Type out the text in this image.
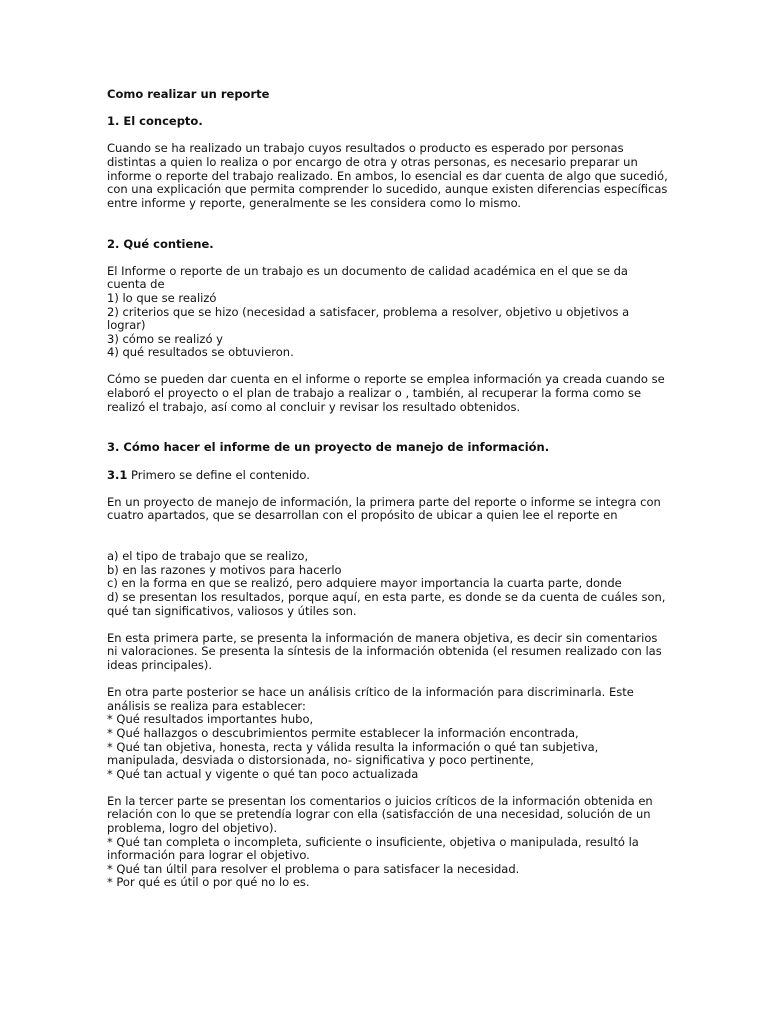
Como realizar un reporte
1. El concepto.
Cuando se ha realizado un trabajo cuyos resultados o producto es esperado por personas
distintas a quien lo realiza o por encargo de otra y otras personas, es necesario preparar un
informe o reporte del trabajo realizado. En ambos, lo esencial es dar cuenta de algo que sucedió,
con una explicación que permita comprender lo sucedido, aunque existen diferencias específicas
entre informe y reporte, generalmente se les considera como lo mismo.
2. Qué contiene.
El Informe o reporte de un trabajo es un documento de calidad académica en el que se da
cuenta de
1) lo que se realizó
2) criterios que se hizo (necesidad a satisfacer, problema a resolver, objetivo u objetivos a
lograr)
3) cómo se realizó y
4) qué resultados se obtuvieron.
Cómo se pueden dar cuenta en el informe o reporte se emplea información ya creada cuando se
elaboró el proyecto o el plan de trabajo a realizar o , también, al recuperar la forma como se
realizó el trabajo, así como al concluir y revisar los resultado obtenidos.
3. Cómo hacer el informe de un proyecto de manejo de información.
3.1 Primero se define el contenido.
En un proyecto de manejo de información, la primera parte del reporte o informe se integra con
cuatro apartados, que se desarrollan con el propósito de ubicar a quien lee el reporte en
a) el tipo de trabajo que se realizo,
b) en las razones y motivos para hacerlo
c) en la forma en que se realizó, pero adquiere mayor importancia la cuarta parte, donde
d) se presentan los resultados, porque aquí, en esta parte, es donde se da cuenta de cuáles son,
qué tan significativos, valiosos y útiles son.
En esta primera parte, se presenta la información de manera objetiva, es decir sin comentarios
ni valoraciones. Se presenta la síntesis de la información obtenida (el resumen realizado con las
ideas principales).
En otra parte posterior se hace un análisis crítico de la información para discriminarla. Este
análisis se realiza para establecer:
* Qué resultados importantes hubo,
* Qué hallazgos o descubrimientos permite establecer la información encontrada,
* Qué tan objetiva, honesta, recta y válida resulta la información o qué tan subjetiva,
manipulada, desviada o distorsionada, no- significativa y poco pertinente,
* Qué tan actual y vigente o qué tan poco actualizada
En la tercer parte se presentan los comentarios o juicios críticos de la información obtenida en
relación con lo que se pretendía lograr con ella (satisfacción de una necesidad, solución de un
problema, logro del objetivo).
* Qué tan completa o incompleta, suficiente o insuficiente, objetiva o manipulada, resultó la
información para lograr el objetivo.
* Qué tan últil para resolver el problema o para satisfacer la necesidad.
* Por qué es útil o por qué no lo es.
